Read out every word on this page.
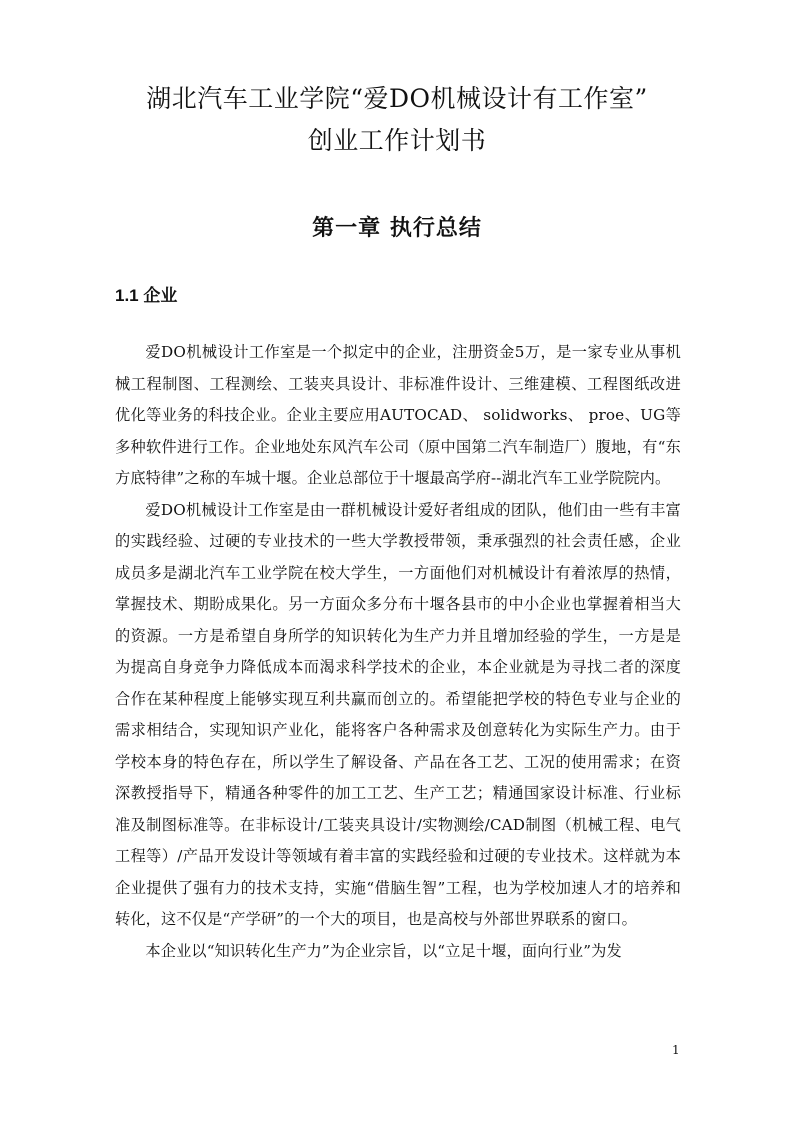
湖北汽车工业学院“爱DO机械设计有工作室”
创业工作计划书
第一章 执行总结
1.1 企业

爱DO机械设计工作室是一个拟定中的企业，注册资金5万，是一家专业从事机械工程制图、工程测绘、工装夹具设计、非标准件设计、三维建模、工程图纸改进优化等业务的科技企业。企业主要应用AUTOCAD、 solidworks、 proe、UG等多种软件进行工作。企业地处东风汽车公司（原中国第二汽车制造厂）腹地，有“东方底特律”之称的车城十堰。企业总部位于十堰最高学府--湖北汽车工业学院院内。

爱DO机械设计工作室是由一群机械设计爱好者组成的团队，他们由一些有丰富的实践经验、过硬的专业技术的一些大学教授带领，秉承强烈的社会责任感，企业成员多是湖北汽车工业学院在校大学生，一方面他们对机械设计有着浓厚的热情，掌握技术、期盼成果化。另一方面众多分布十堰各县市的中小企业也掌握着相当大的资源。一方是希望自身所学的知识转化为生产力并且增加经验的学生，一方是是为提高自身竞争力降低成本而渴求科学技术的企业，本企业就是为寻找二者的深度合作在某种程度上能够实现互利共赢而创立的。希望能把学校的特色专业与企业的需求相结合，实现知识产业化，能将客户各种需求及创意转化为实际生产力。由于学校本身的特色存在，所以学生了解设备、产品在各工艺、工况的使用需求；在资深教授指导下，精通各种零件的加工工艺、生产工艺；精通国家设计标准、行业标准及制图标准等。在非标设计/工装夹具设计/实物测绘/CAD制图（机械工程、电气工程等）/产品开发设计等领域有着丰富的实践经验和过硬的专业技术。这样就为本企业提供了强有力的技术支持，实施“借脑生智”工程，也为学校加速人才的培养和转化，这不仅是“产学研”的一个大的项目，也是高校与外部世界联系的窗口。

本企业以“知识转化生产力”为企业宗旨，以“立足十堰，面向行业”为发

1
